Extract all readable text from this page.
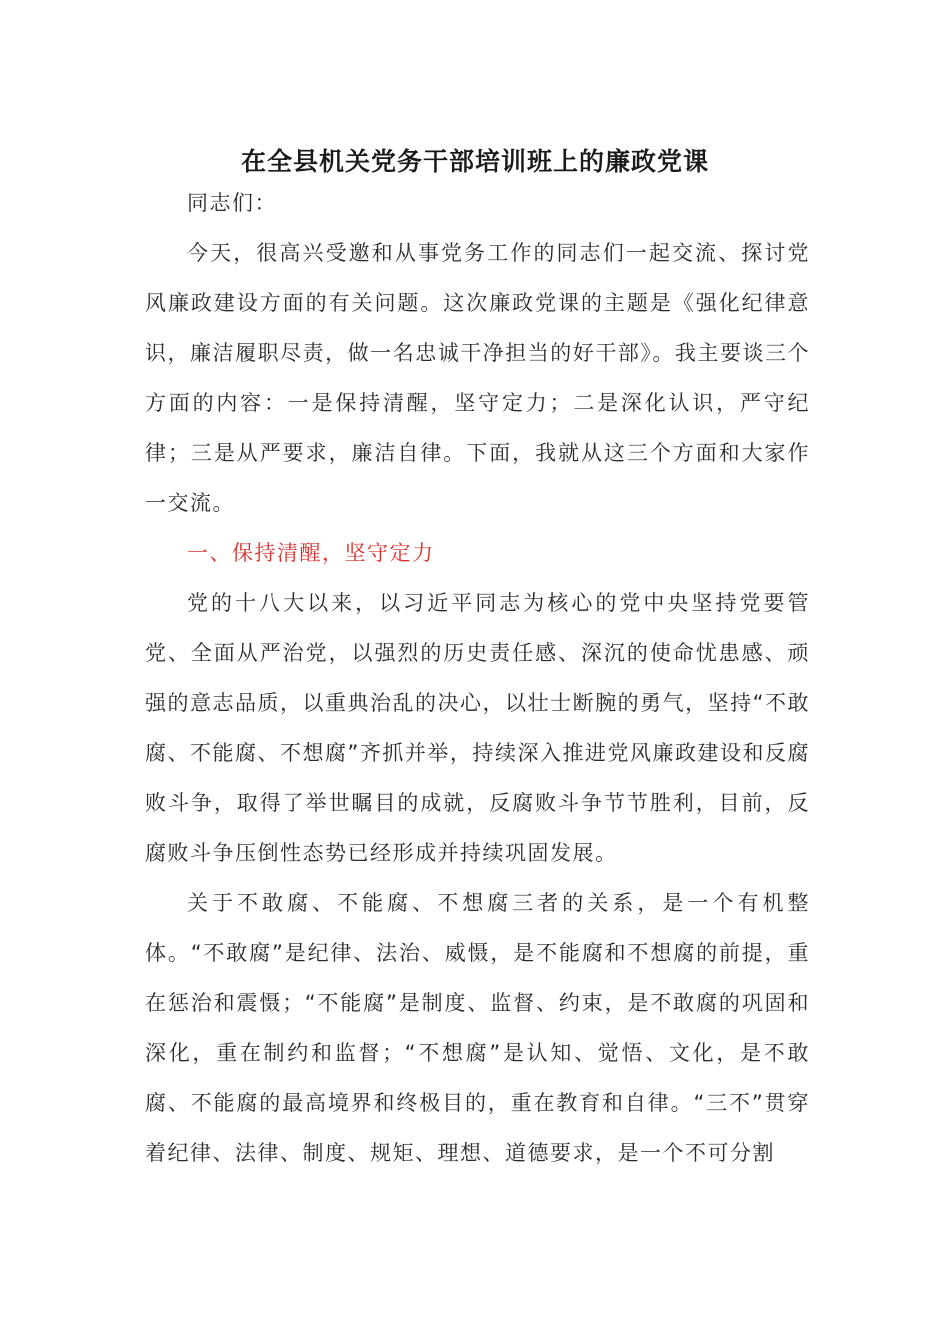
在全县机关党务干部培训班上的廉政党课

同志们：

今天，很高兴受邀和从事党务工作的同志们一起交流、探讨党风廉政建设方面的有关问题。这次廉政党课的主题是《强化纪律意识，廉洁履职尽责，做一名忠诚干净担当的好干部》。我主要谈三个方面的内容：一是保持清醒，坚守定力；二是深化认识，严守纪律；三是从严要求，廉洁自律。下面，我就从这三个方面和大家作一交流。

一、保持清醒，坚守定力

党的十八大以来，以习近平同志为核心的党中央坚持党要管党、全面从严治党，以强烈的历史责任感、深沉的使命忧患感、顽强的意志品质，以重典治乱的决心，以壮士断腕的勇气，坚持“不敢腐、不能腐、不想腐”齐抓并举，持续深入推进党风廉政建设和反腐败斗争，取得了举世瞩目的成就，反腐败斗争节节胜利，目前，反腐败斗争压倒性态势已经形成并持续巩固发展。

关于不敢腐、不能腐、不想腐三者的关系，是一个有机整体。“不敢腐”是纪律、法治、威慑，是不能腐和不想腐的前提，重在惩治和震慑；“不能腐”是制度、监督、约束，是不敢腐的巩固和深化，重在制约和监督；“不想腐”是认知、觉悟、文化，是不敢腐、不能腐的最高境界和终极目的，重在教育和自律。“三不”贯穿着纪律、法律、制度、规矩、理想、道德要求，是一个不可分割
